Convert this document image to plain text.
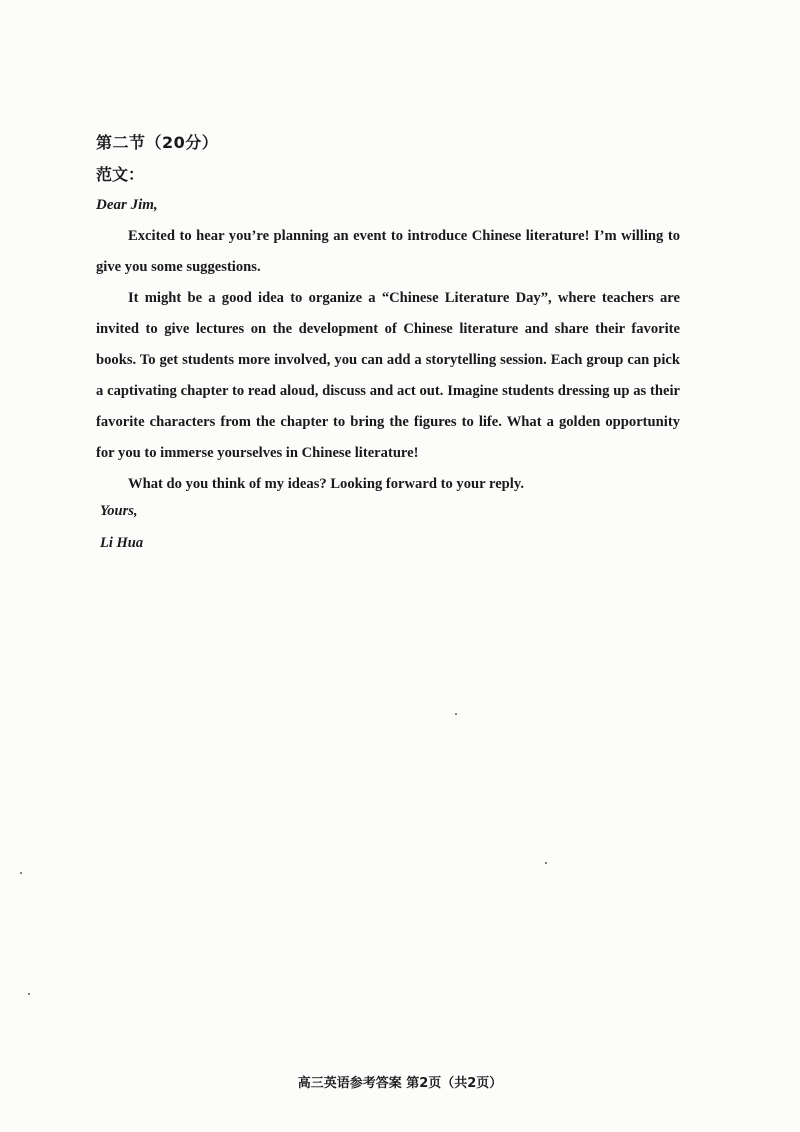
第二节（20分）
范文：
Dear Jim,

Excited to hear you’re planning an event to introduce Chinese literature! I’m willing to give you some suggestions.

It might be a good idea to organize a “Chinese Literature Day”, where teachers are invited to give lectures on the development of Chinese literature and share their favorite books. To get students more involved, you can add a storytelling session. Each group can pick a captivating chapter to read aloud, discuss and act out. Imagine students dressing up as their favorite characters from the chapter to bring the figures to life. What a golden opportunity for you to immerse yourselves in Chinese literature!

What do you think of my ideas? Looking forward to your reply.

Yours,
Li Hua
高三英语参考答案 第2页（共2页）
